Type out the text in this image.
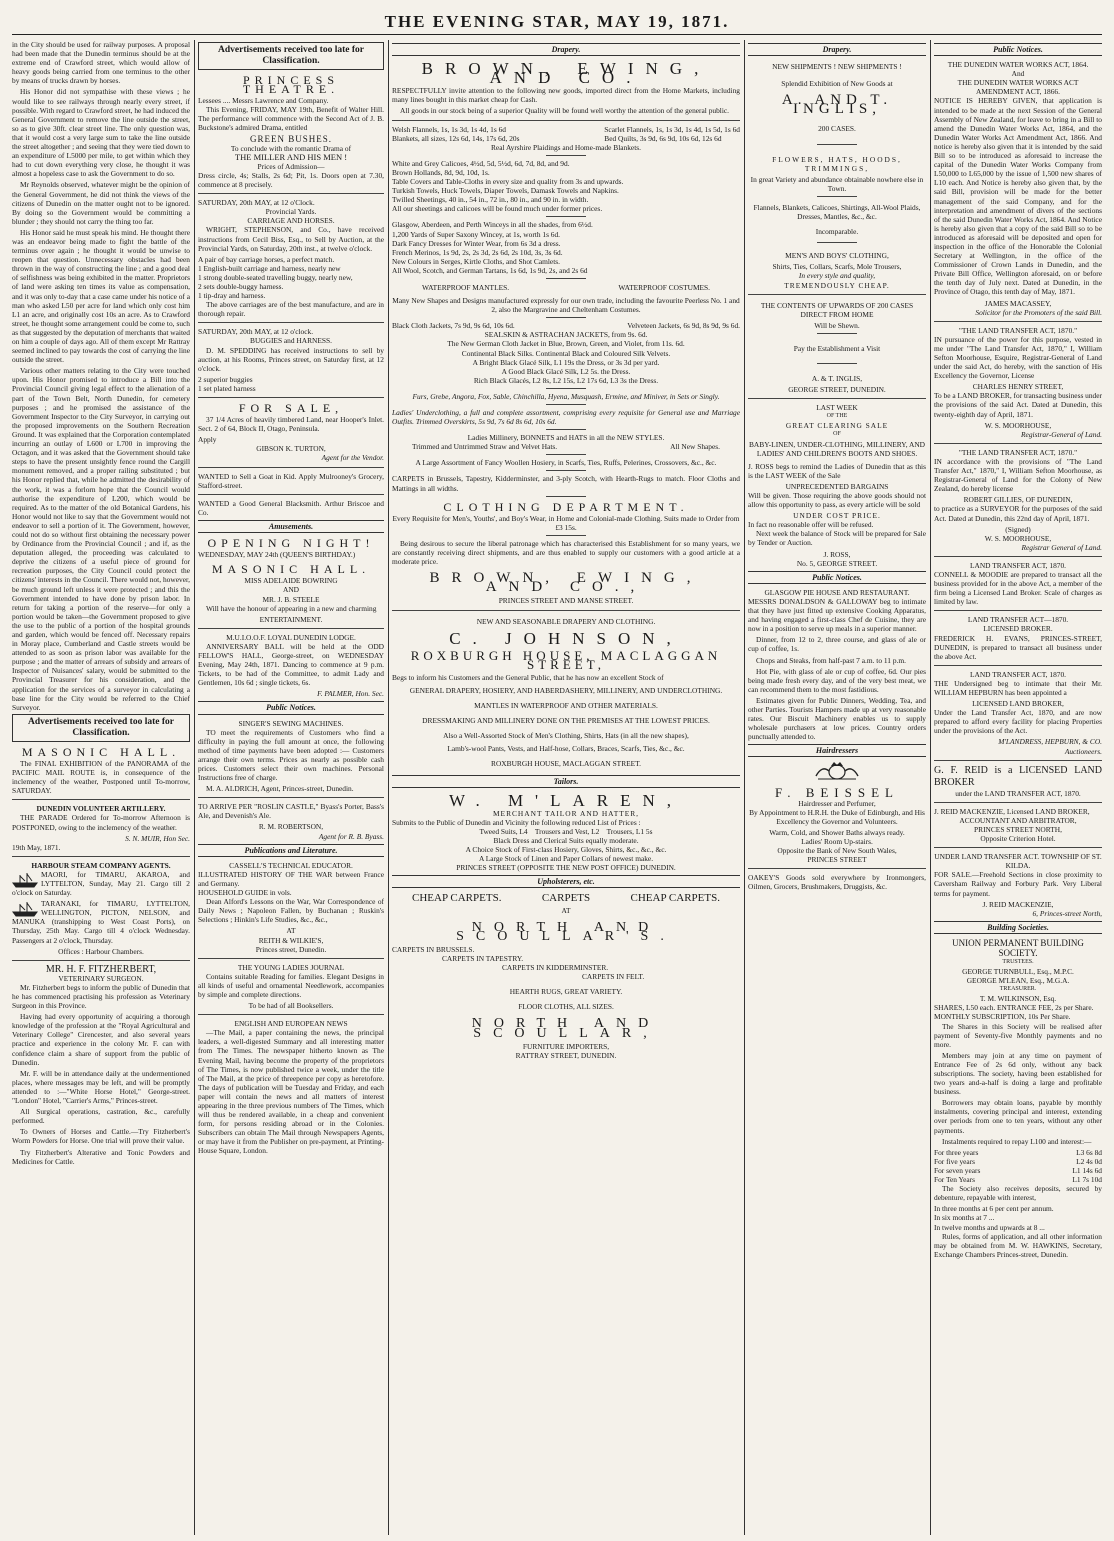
THE EVENING STAR, MAY 19, 1871.

in the City should be used for railway purposes. A proposal had been made that the Dunedin terminus should be at the extreme end of Crawford street, which would allow of heavy goods being carried from one terminus to the other by means of trucks drawn by horses.

His Honor did not sympathise with these views ; he would like to see railways through nearly every street, if possible. With regard to Crawford street, he had induced the General Government to remove the line outside the street, so as to give 30ft. clear street line. The only question was, that it would cost a very large sum to take the line outside the street altogether ; and seeing that they were tied down to an expenditure of L5000 per mile, to get within which they had to cut down everything very close, he thought it was almost a hopeless case to ask the Government to do so.

Mr Reynolds observed, whatever might be the opinion of the General Government, he did not think the views of the citizens of Dunedin on the matter ought not to be ignored. By doing so the Government would be committing a blunder ; they should not carry the thing too far.

His Honor said he must speak his mind. He thought there was an endeavor being made to fight the battle of the terminus over again ; he thought it would be unwise to reopen that question. Unnecessary obstacles had been thrown in the way of constructing the line ; and a good deal of selfishness was being exhibited in the matter. Proprietors of land were asking ten times its value as compensation, and it was only to-day that a case came under his notice of a man who asked L50 per acre for land which only cost him L1 an acre, and originally cost 10s an acre. As to Crawford street, he thought some arrangement could be come to, such as that suggested by the deputation of merchants that waited on him a couple of days ago. All of them except Mr Rattray seemed inclined to pay towards the cost of carrying the line outside the street.

Various other matters relating to the City were touched upon. His Honor promised to introduce a Bill into the Provincial Council giving legal effect to the alienation of a part of the Town Belt, North Dunedin, for cemetery purposes ; and he promised the assistance of the Government Inspector to the City Surveyor, in carrying out the proposed improvements on the Southern Recreation Ground. It was explained that the Corporation contemplated incurring an outlay of L600 or L700 in improving the Octagon, and it was asked that the Government should take steps to have the present unsightly fence round the Cargill monument removed, and a proper railing substituted ; but his Honor replied that, while he admitted the desirability of the work, it was a forlorn hope that the Council would authorise the expenditure of L200, which would be required. As to the matter of the old Botanical Gardens, his Honor would not like to say that the Government would not endeavor to sell a portion of it. The Government, however, could not do so without first obtaining the necessary power by Ordinance from the Provincial Council ; and if, as the deputation alleged, the proceeding was calculated to deprive the citizens of a useful piece of ground for recreation purposes, the City Council could protect the citizens' interests in the Council. There would not, however, be much ground left unless it were protected ; and this the Government intended to have done by prison labor. In return for taking a portion of the reserve—for only a portion would be taken—the Government proposed to give the use to the public of a portion of the hospital grounds and garden, which would be fenced off. Necessary repairs in Moray place, Cumberland and Castle streets would be attended to as soon as prison labor was available for the purpose ; and the matter of arrears of subsidy and arrears of Inspector of Nuisances' salary, would be submitted to the Provincial Treasurer for his consideration, and the application for the services of a surveyor in calculating a base line for the City would be referred to the Chief Surveyor.

Advertisements received too late for Classification.
MASONIC HALL.

The FINAL EXHIBITION of the PANORAMA of the PACIFIC MAIL ROUTE is, in consequence of the inclemency of the weather, Postponed until To-morrow, SATURDAY.

DUNEDIN VOLUNTEER ARTILLERY.

THE PARADE Ordered for To-morrow Afternoon is POSTPONED, owing to the inclemency of the weather.

S. N. MUIR, Hon Sec.
19th May, 1871.
HARBOUR STEAM COMPANY AGENTS.

MAORI, for TIMARU, AKAROA, and LYTTELTON, Sunday, May 21. Cargo till 2 o'clock on Saturday.

TARANAKI, for TIMARU, LYTTELTON, WELLINGTON, PICTON, NELSON, and MANUKA (transhipping to West Coast Ports), on Thursday, 25th May. Cargo till 4 o'clock Wednesday. Passengers at 2 o'clock, Thursday.

Offices : Harbour Chambers.
MR. H. F. FITZHERBERT,
VETERINARY SURGEON.

Mr. Fitzherbert begs to inform the public of Dunedin that he has commenced practising his profession as Veterinary Surgeon in this Province.

Having had every opportunity of acquiring a thorough knowledge of the profession at the "Royal Agricultural and Veterinary College" Cirencester, and also several years practice and experience in the colony Mr. F. can with confidence claim a share of support from the public of Dunedin.

Mr. F. will be in attendance daily at the undermentioned places, where messages may be left, and will be promptly attended to :—"White Horse Hotel," George-street. "London" Hotel, "Carrier's Arms," Princes-street.

All Surgical operations, castration, &c., carefully performed.

To Owners of Horses and Cattle.—Try Fitzherbert's Worm Powders for Horse. One trial will prove their value.

Try Fitzherbert's Alterative and Tonic Powders and Medicines for Cattle.

Advertisements received too late for Classification.
PRINCESS THEATRE.
Lessees .... Messrs Lawrence and Company.

This Evening, FRIDAY, MAY 19th, Benefit of Walter Hill. The performance will commence with the Second Act of J. B. Buckstone's admired Drama, entitled

GREEN BUSHES.
To conclude with the romantic Drama of
THE MILLER AND HIS MEN !
Prices of Admission—

Dress circle, 4s; Stalls, 2s 6d; Pit, 1s. Doors open at 7.30, commence at 8 precisely.

SATURDAY, 20th MAY, at 12 o'Clock.
Provincial Yards.
CARRIAGE AND HORSES.

WRIGHT, STEPHENSON, and Co., have received instructions from Cecil Biss, Esq., to Sell by Auction, at the Provincial Yards, on Saturday, 20th inst., at twelve o'clock.

A pair of bay carriage horses, a perfect match.
1 English-built carriage and harness, nearly new
1 strong double-seated travelling buggy, nearly new,
2 sets double-buggy harness.
1 tip-dray and harness.

The above carriages are of the best manufacture, and are in thorough repair.

SATURDAY, 20th MAY, at 12 o'clock.
BUGGIES and HARNESS.

D. M. SPEDDING has received instructions to sell by auction, at his Rooms, Princes street, on Saturday first, at 12 o'clock.

2 superior buggies
1 set plated harness
FOR SALE,

37 1/4 Acres of heavily timbered Land, near Hooper's Inlet. Sect. 2 of 64, Block II, Otago, Peninsula.

Apply
GIBSON K. TURTON,
Agent for the Vendor.

WANTED to Sell a Goat in Kid. Apply Mulrooney's Grocery, Stafford-street.

WANTED a Good General Blacksmith. Arthur Briscoe and Co.

Amusements.
OPENING NIGHT!
WEDNESDAY, MAY 24th (QUEEN'S BIRTHDAY.)
MASONIC HALL.
MISS ADELAIDE BOWRING
AND
MR. J. B. STEELE

Will have the honour of appearing in a new and charming

ENTERTAINMENT.
M.U.I.O.O.F. LOYAL DUNEDIN LODGE.

ANNIVERSARY BALL will be held at the ODD FELLOW'S HALL, George-street, on WEDNESDAY Evening, May 24th, 1871. Dancing to commence at 9 p.m. Tickets, to be had of the Committee, to admit Lady and Gentlemen, 10s 6d ; single tickets, 6s.

F. PALMER, Hon. Sec.
Public Notices.
SINGER'S SEWING MACHINES.

TO meet the requirements of Customers who find a difficulty in paying the full amount at once, the following method of time payments have been adopted :— Customers arrange their own terms. Prices as nearly as possible cash prices. Customers select their own machines. Personal Instructions free of charge.

M. A. ALDRICH, Agent, Princes-street, Dunedin.

TO ARRIVE PER "ROSLIN CASTLE," Byass's Porter, Bass's Ale, and Devenish's Ale.

R. M. ROBERTSON,
Agent for R. B. Byass.
Publications and Literature.
CASSELL'S TECHNICAL EDUCATOR.
ILLUSTRATED HISTORY OF THE WAR between France and Germany.
HOUSEHOLD GUIDE in vols.

Dean Alford's Lessons on the War, War Correspondence of Daily News ; Napoleon Fallen, by Buchanan ; Ruskin's Selections ; Hinkin's Life Studies, &c., &c.,

AT
REITH & WILKIE'S,
Princes street, Dunedin.
THE YOUNG LADIES JOURNAL

Contains suitable Reading for families. Elegant Designs in all kinds of useful and ornamental Needlework, accompanies by simple and complete directions.

To be had of all Booksellers.
ENGLISH AND EUROPEAN NEWS

—The Mail, a paper containing the news, the principal leaders, a well-digested Summary and all interesting matter from The Times. The newspaper hitherto known as The Evening Mail, having become the property of the proprietors of The Times, is now published twice a week, under the title of The Mail, at the price of threepence per copy as heretofore. The days of publication will be Tuesday and Friday, and each paper will contain the news and all matters of interest appearing in the three previous numbers of The Times, which will thus be rendered available, in a cheap and convenient form, for persons residing abroad or in the Colonies. Subscribers can obtain The Mail through Newspapers Agents, or may have it from the Publisher on pre-payment, at Printing-House Square, London.

Drapery.
BROWN, EWING, AND CO.

RESPECTFULLY invite attention to the following new goods, imported direct from the Home Markets, including many lines bought in this market cheap for Cash.

All goods in our stock being of a superior Quality will be found well worthy the attention of the general public.

Welsh Flannels, 1s, 1s 3d, 1s 4d, 1s 6d
Blankets, all sizes, 12s 6d, 14s, 17s 6d, 20s
Scarlet Flannels, 1s, 1s 3d, 1s 4d, 1s 5d, 1s 6d
Bed Quilts, 3s 9d, 6s 9d, 10s 6d, 12s 6d
Real Ayrshire Plaidings and Home-made Blankets.
White and Grey Calicoes, 4½d, 5d, 5½d, 6d, 7d, 8d, and 9d.
Brown Hollands, 8d, 9d, 10d, 1s.
Table Covers and Table-Cloths in every size and quality from 3s and upwards.
Turkish Towels, Huck Towels, Diaper Towels, Damask Towels and Napkins.
Twilled Sheetings, 40 in., 54 in., 72 in., 80 in., and 90 in. in width.
All our sheetings and calicoes will be found much under former prices.
Glasgow, Aberdeen, and Perth Winceys in all the shades, from 6½d.
1,200 Yards of Super Saxony Wincey, at 1s, worth 1s 6d.
Dark Fancy Dresses for Winter Wear, from 6s 3d a dress.
French Merinos, 1s 9d, 2s, 2s 3d, 2s 6d, 2s 10d, 3s, 3s 6d.
New Colours in Serges, Kirtle Cloths, and Shot Camlets.
All Wool, Scotch, and German Tartans, 1s 6d, 1s 9d, 2s, and 2s 6d
WATERPROOF MANTLES.	WATERPROOF COSTUMES.

Many New Shapes and Designs manufactured expressly for our own trade, including the favourite Peerless No. 1 and 2, also the Margravine and Cheltenham Costumes.

Black Cloth Jackets, 7s 9d, 9s 6d, 10s 6d.	Velveteen Jackets, 6s 9d, 8s 9d, 9s 6d.
SEALSKIN & ASTRACHAN JACKETS, from 9s. 6d.
The New German Cloth Jacket in Blue, Brown, Green, and Violet, from 11s. 6d.
Continental Black Silks. Continental Black and Coloured Silk Velvets.
A Bright Black Glacé Silk, L1 19s the Dress, or 3s 3d per yard.
A Good Black Glacé Silk, L2 5s. the Dress.
Rich Black Glacés, L2 8s, L2 15s, L2 17s 6d, L3 3s the Dress.

Furs, Grebe, Angora, Fox, Sable, Chinchilla, Hyena, Musquash, Ermine, and Miniver, in Sets or Singly.

Ladies' Underclothing, a full and complete assortment, comprising every requisite for General use and Marriage Outfits. Trimmed Overskirts, 5s 9d, 7s 6d 8s 6d, 10s 6d.

Ladies Millinery, BONNETS and HATS in all the NEW STYLES.
Trimmed and Untrimmed Straw and Velvet Hats.	All New Shapes.

A Large Assortment of Fancy Woollen Hosiery, in Scarfs, Ties, Ruffs, Pelerines, Crossovers, &c., &c.

CARPETS in Brussels, Tapestry, Kidderminster, and 3-ply Scotch, with Hearth-Rugs to match. Floor Cloths and Mattings in all widths.

CLOTHING DEPARTMENT.

Every Requisite for Men's, Youths', and Boy's Wear, in Home and Colonial-made Clothing. Suits made to Order from £3 15s.

Being desirous to secure the liberal patronage which has characterised this Establishment for so many years, we are constantly receiving direct shipments, and are thus enabled to supply our customers with a good article at a moderate price.

BROWN, EWING, AND CO.,
PRINCES STREET AND MANSE STREET.
NEW AND SEASONABLE DRAPERY AND CLOTHING.
C. JOHNSON,
ROXBURGH HOUSE, MACLAGGAN STREET,

Begs to inform his Customers and the General Public, that he has now an excellent Stock of

GENERAL DRAPERY, HOSIERY, AND HABERDASHERY, MILLINERY, AND UNDERCLOTHING.
MANTLES IN WATERPROOF AND OTHER MATERIALS.
DRESSMAKING AND MILLINERY DONE ON THE PREMISES AT THE LOWEST PRICES.
Also a Well-Assorted Stock of Men's Clothing, Shirts, Hats (in all the new shapes),
Lamb's-wool Pants, Vests, and Half-hose, Collars, Braces, Scarfs, Ties, &c., &c.
ROXBURGH HOUSE, MACLAGGAN STREET.
Tailors.
W. M'LAREN,
MERCHANT TAILOR AND HATTER,
Submits to the Public of Dunedin and Vicinity the following reduced List of Prices :
Tweed Suits, L4    Trousers and Vest, L2    Trousers, L1 5s
Black Dress and Clerical Suits equally moderate.
A Choice Stock of First-class Hosiery, Gloves, Shirts, &c., &c., &c.
A Large Stock of Linen and Paper Collars of newest make.
PRINCES STREET (OPPOSITE THE NEW POST OFFICE) DUNEDIN.
Upholsterers, etc.
CHEAP CARPETS.	CARPETS	CHEAP CARPETS.
AT
NORTH AND SCOULLAR'S.
CARPETS IN BRUSSELS.
CARPETS IN TAPESTRY.
CARPETS IN KIDDERMINSTER.
CARPETS IN FELT.
HEARTH RUGS, GREAT VARIETY.
FLOOR CLOTHS, ALL SIZES.
NORTH AND SCOULLAR,
FURNITURE IMPORTERS,
RATTRAY STREET, DUNEDIN.
Drapery.
NEW SHIPMENTS ! NEW SHIPMENTS !
Splendid Exhibition of New Goods at
A. AND T. INGLIS,
200 CASES.
FLOWERS, HATS, HOODS, TRIMMINGS,
In great Variety and abundance obtainable nowhere else in Town.
Flannels, Blankets, Calicoes, Shirtings, All-Wool Plaids, Dresses, Mantles, &c., &c.
Incomparable.
MEN'S AND BOYS' CLOTHING,
Shirts, Ties, Collars, Scarfs, Mole Trousers,
In every style and quality,
TREMENDOUSLY CHEAP.
THE CONTENTS OF UPWARDS OF 200 CASES DIRECT FROM HOME
Will be Shewn.
Pay the Establishment a Visit
A. & T. INGLIS,
GEORGE STREET, DUNEDIN.
LAST WEEK
OF THE
GREAT CLEARING SALE
OF
BABY-LINEN, UNDER-CLOTHING, MILLINERY, AND LADIES' AND CHILDREN'S BOOTS AND SHOES.

J. ROSS begs to remind the Ladies of Dunedin that as this is the LAST WEEK of the Sale

UNPRECEDENTED BARGAINS

Will be given. Those requiring the above goods should not allow this opportunity to pass, as every article will be sold

UNDER COST PRICE.
In fact no reasonable offer will be refused.

Next week the balance of Stock will be prepared for Sale by Tender or Auction.

J. ROSS,
No. 5, GEORGE STREET.
Public Notices.
GLASGOW PIE HOUSE AND RESTAURANT.

MESSRS DONALDSON & GALLOWAY beg to intimate that they have just fitted up extensive Cooking Apparatus, and having engaged a first-class Chef de Cuisine, they are now in a position to serve up meals in a superior manner.

Dinner, from 12 to 2, three course, and glass of ale or cup of coffee, 1s.

Chops and Steaks, from half-past 7 a.m. to 11 p.m.

Hot Pie, with glass of ale or cup of coffee, 6d. Our pies being made fresh every day, and of the very best meat, we can recommend them to the most fastidious.

Estimates given for Public Dinners, Wedding, Tea, and other Parties. Tourists Hampers made up at very reasonable rates. Our Biscuit Machinery enables us to supply wholesale purchasers at low prices. Country orders punctually attended to.

Hairdressers
F. BEISSEL
Hairdresser and Perfumer,

By Appointment to H.R.H. the Duke of Edinburgh, and His Excellency the Governor and Volunteers.

Warm, Cold, and Shower Baths always ready.
Ladies' Room Up-stairs.
Opposite the Bank of New South Wales,
PRINCES STREET

OAKEY'S Goods sold everywhere by Ironmongers, Oilmen, Grocers, Brushmakers, Druggists, &c.

Public Notices.
THE DUNEDIN WATER WORKS ACT, 1864.
And
THE DUNEDIN WATER WORKS ACT AMENDMENT ACT, 1866.

NOTICE IS HEREBY GIVEN, that application is intended to be made at the next Session of the General Assembly of New Zealand, for leave to bring in a Bill to amend the Dunedin Water Works Act, 1864, and the Dunedin Water Works Act Amendment Act, 1866. And notice is hereby also given that it is intended by the said Bill so to be introduced as aforesaid to increase the capital of the Dunedin Water Works Company from L50,000 to L65,000 by the issue of 1,500 new shares of L10 each. And Notice is hereby also given that, by the said Bill, provision will be made for the better management of the said Company, and for the interpretation and amendment of divers of the sections of the said Dunedin Water Works Act, 1864. And Notice is hereby also given that a copy of the said Bill so to be introduced as aforesaid will be deposited and open for inspection in the office of the Honorable the Colonial Secretary at Wellington, in the office of the Commissioner of Crown Lands in Dunedin, and the Private Bill Office, Wellington aforesaid, on or before the tenth day of July next. Dated at Dunedin, in the Province of Otago, this tenth day of May, 1871.

JAMES MACASSEY,
Solicitor for the Promoters of the said Bill.
"THE LAND TRANSFER ACT, 1870."

IN pursuance of the power for this purpose, vested in me under "The Land Transfer Act, 1870," I, William Sefton Moorhouse, Esquire, Registrar-General of Land under the said Act, do hereby, with the sanction of His Excellency the Governor, License

CHARLES HENRY STREET,

To be a LAND BROKER, for transacting business under the provisions of the said Act. Dated at Dunedin, this twenty-eighth day of April, 1871.

W. S. MOORHOUSE,
Registrar-General of Land.
"THE LAND TRANSFER ACT, 1870."

IN accordance with the provisions of "The Land Transfer Act," 1870," I, William Sefton Moorhouse, as Registrar-General of Land for the Colony of New Zealand, do hereby license

ROBERT GILLIES, OF DUNEDIN,

to practice as a SURVEYOR for the purposes of the said Act. Dated at Dunedin, this 22nd day of April, 1871.

(Signed)
W. S. MOORHOUSE,
Registrar General of Land.
LAND TRANSFER ACT, 1870.

CONNELL & MOODIE are prepared to transact all the business provided for in the above Act, a member of the firm being a Licensed Land Broker. Scale of charges as limited by law.

LAND TRANSFER ACT—1870.
LICENSED BROKER.

FREDERICK H. EVANS, PRINCES-STREET, DUNEDIN, is prepared to transact all business under the above Act.

LAND TRANSFER ACT, 1870.

THE Undersigned beg to intimate that their Mr. WILLIAM HEPBURN has been appointed a

LICENSED LAND BROKER,

Under the Land Transfer Act, 1870, and are now prepared to afford every facility for placing Properties under the provisions of the Act.

M'LANDRESS, HEPBURN, & CO.
Auctioneers.
G. F. REID is a LICENSED LAND BROKER
under the LAND TRANSFER ACT, 1870.
J. REID MACKENZIE, Licensed LAND BROKER,
ACCOUNTANT AND ARBITRATOR,
PRINCES STREET NORTH,
Opposite Criterion Hotel.
UNDER LAND TRANSFER ACT. TOWNSHIP OF ST. KILDA.

FOR SALE.—Freehold Sections in close proximity to Caversham Railway and Forbury Park. Very Liberal terms for payment.

J. REID MACKENZIE,
6, Princes-street North,
Building Societies.
UNION PERMANENT BUILDING SOCIETY.
TRUSTEES.
GEORGE TURNBULL, Esq., M.P.C.
GEORGE M'LEAN, Esq., M.G.A.
TREASURER.
T. M. WILKINSON, Esq.
SHARES, L50 each. ENTRANCE FEE, 2s per Share.
MONTHLY SUBSCRIPTION, 10s Per Share.

The Shares in this Society will be realised after payment of Seventy-five Monthly payments and no more.

Members may join at any time on payment of Entrance Fee of 2s 6d only, without any back subscriptions. The society, having been established for two years and-a-half is doing a large and profitable business.

Borrowers may obtain loans, payable by monthly instalments, covering principal and interest, extending over periods from one to ten years, without any other payments.

Instalments required to repay L100 and interest:—

For three years	L3 6s 8d
For five years	L2 4s 0d
For seven years	L1 14s 6d
For Ten Years	L1 7s 10d

The Society also receives deposits, secured by debenture, repayable with interest,

In three months at 6 per cent per annum.
In six months at 7 ...
In twelve months and upwards at 8 ...

Rules, forms of application, and all other information may be obtained from M. W. HAWKINS, Secretary, Exchange Chambers Princes-street, Dunedin.
